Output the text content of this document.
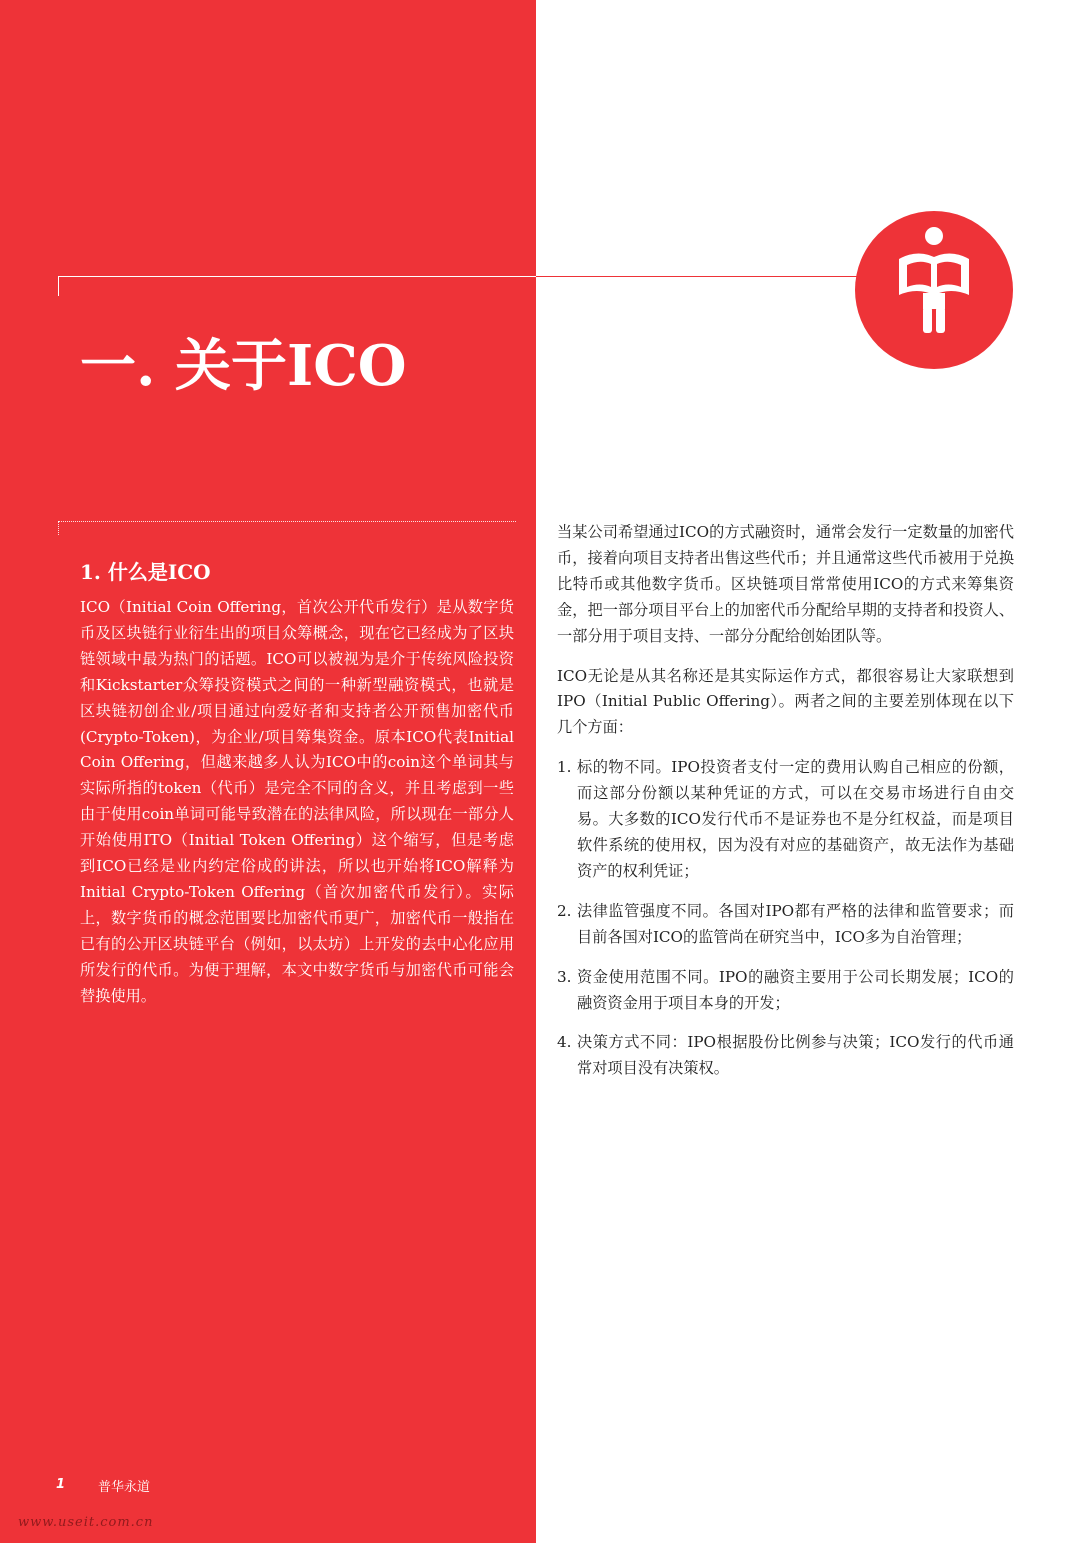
一. 关于ICO
1. 什么是ICO

ICO（Initial Coin Offering，首次公开代币发行）是从数字货币及区块链行业衍生出的项目众筹概念，现在它已经成为了区块链领域中最为热门的话题。ICO可以被视为是介于传统风险投资和Kickstarter众筹投资模式之间的一种新型融资模式，也就是区块链初创企业/项目通过向爱好者和支持者公开预售加密代币(Crypto-Token)，为企业/项目筹集资金。原本ICO代表Initial Coin Offering，但越来越多人认为ICO中的coin这个单词其与实际所指的token（代币）是完全不同的含义，并且考虑到一些由于使用coin单词可能导致潜在的法律风险，所以现在一部分人开始使用ITO（Initial Token Offering）这个缩写，但是考虑到ICO已经是业内约定俗成的讲法，所以也开始将ICO解释为Initial Crypto-Token Offering（首次加密代币发行）。实际上，数字货币的概念范围要比加密代币更广，加密代币一般指在已有的公开区块链平台（例如，以太坊）上开发的去中心化应用所发行的代币。为便于理解，本文中数字货币与加密代币可能会替换使用。

当某公司希望通过ICO的方式融资时，通常会发行一定数量的加密代币，接着向项目支持者出售这些代币；并且通常这些代币被用于兑换比特币或其他数字货币。区块链项目常常使用ICO的方式来筹集资金，把一部分项目平台上的加密代币分配给早期的支持者和投资人、一部分用于项目支持、一部分分配给创始团队等。

ICO无论是从其名称还是其实际运作方式，都很容易让大家联想到IPO（Initial Public Offering）。两者之间的主要差别体现在以下几个方面：

1. 标的物不同。IPO投资者支付一定的费用认购自己相应的份额，而这部分份额以某种凭证的方式，可以在交易市场进行自由交易。大多数的ICO发行代币不是证券也不是分红权益，而是项目软件系统的使用权，因为没有对应的基础资产，故无法作为基础资产的权利凭证；
2. 法律监管强度不同。各国对IPO都有严格的法律和监管要求；而目前各国对ICO的监管尚在研究当中，ICO多为自治管理；
3. 资金使用范围不同。IPO的融资主要用于公司长期发展；ICO的融资资金用于项目本身的开发；
4. 决策方式不同：IPO根据股份比例参与决策；ICO发行的代币通常对项目没有决策权。
1	普华永道
www.useit.com.cn
